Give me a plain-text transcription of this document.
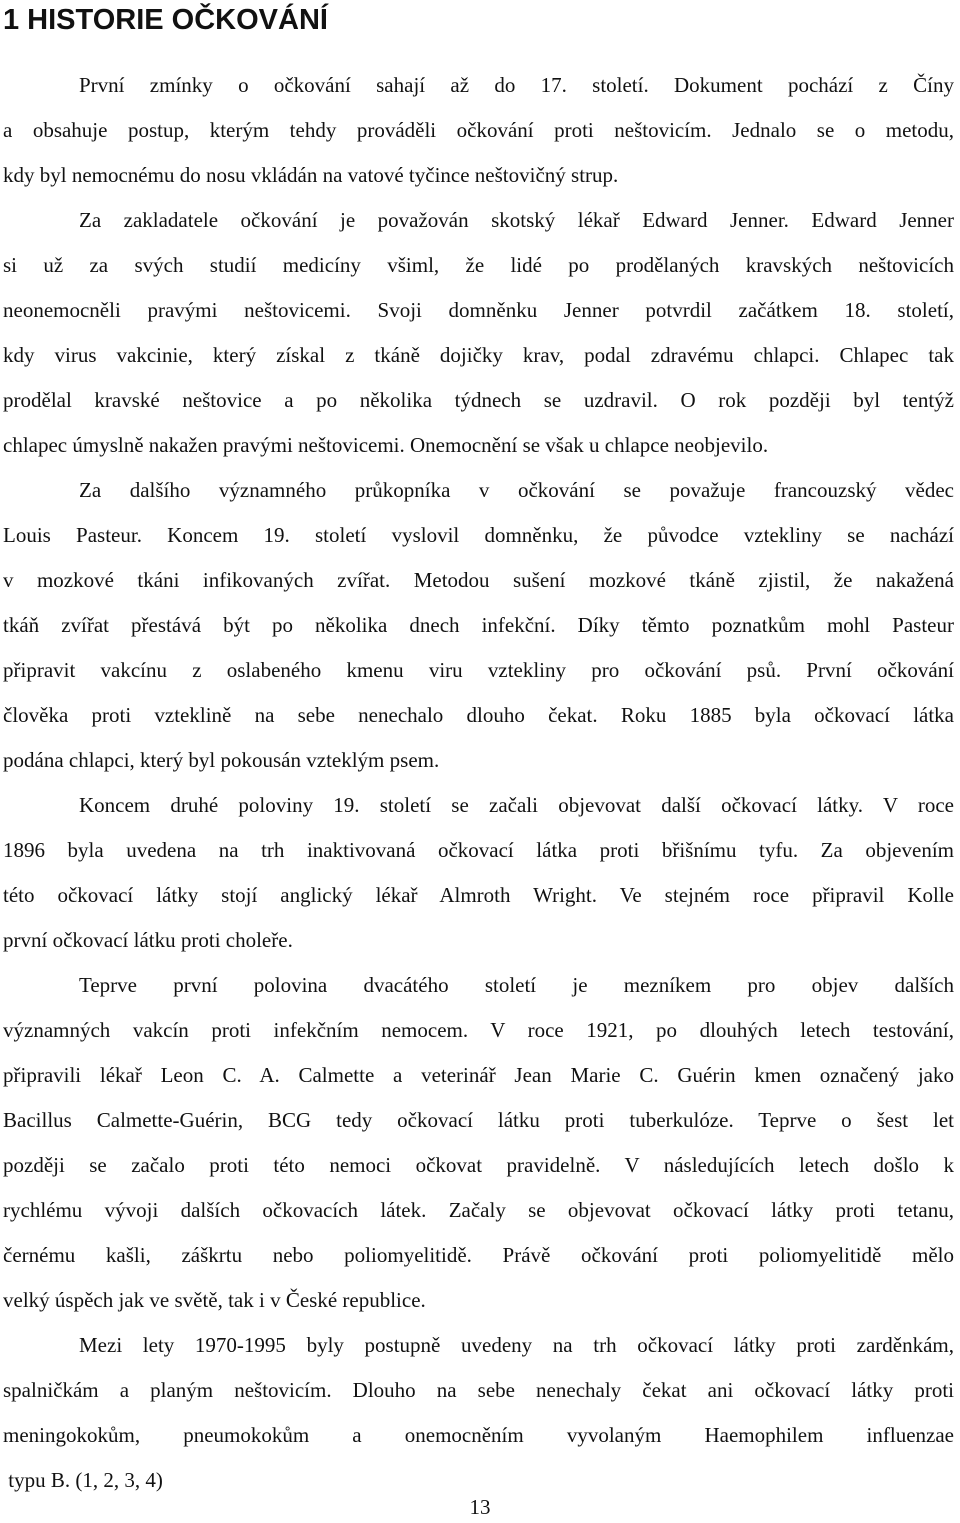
1 HISTORIE OČKOVÁNÍ
První zmínky o očkování sahají až do 17. století. Dokument pochází z Číny
a obsahuje postup, kterým tehdy prováděli očkování proti neštovicím. Jednalo se o metodu,
kdy byl nemocnému do nosu vkládán na vatové tyčince neštovičný strup.
Za zakladatele očkování je považován skotský lékař Edward Jenner. Edward Jenner
si už za svých studií medicíny všiml, že lidé po prodělaných kravských neštovicích
neonemocněli pravými neštovicemi. Svoji domněnku Jenner potvrdil začátkem 18. století,
kdy virus vakcinie, který získal z tkáně dojičky krav, podal zdravému chlapci. Chlapec tak
prodělal kravské neštovice a po několika týdnech se uzdravil. O rok později byl tentýž
chlapec úmyslně nakažen pravými neštovicemi. Onemocnění se však u chlapce neobjevilo.
Za dalšího významného průkopníka v očkování se považuje francouzský vědec
Louis Pasteur. Koncem 19. století vyslovil domněnku, že původce vztekliny se nachází
v mozkové tkáni infikovaných zvířat. Metodou sušení mozkové tkáně zjistil, že nakažená
tkáň zvířat přestává být po několika dnech infekční. Díky těmto poznatkům mohl Pasteur
připravit vakcínu z oslabeného kmenu viru vztekliny pro očkování psů. První očkování
člověka proti vzteklině na sebe nenechalo dlouho čekat. Roku 1885 byla očkovací látka
podána chlapci, který byl pokousán vzteklým psem.
Koncem druhé poloviny 19. století se začali objevovat další očkovací látky. V roce
1896 byla uvedena na trh inaktivovaná očkovací látka proti břišnímu tyfu. Za objevením
této očkovací látky stojí anglický lékař Almroth Wright. Ve stejném roce připravil Kolle
první očkovací látku proti choleře.
Teprve první polovina dvacátého století je mezníkem pro objev dalších
významných vakcín proti infekčním nemocem. V roce 1921, po dlouhých letech testování,
připravili lékař Leon C. A. Calmette a veterinář Jean Marie C. Guérin kmen označený jako
Bacillus Calmette-Guérin, BCG tedy očkovací látku proti tuberkulóze. Teprve o šest let
později se začalo proti této nemoci očkovat pravidelně. V následujících letech došlo k
rychlému vývoji dalších očkovacích látek. Začaly se objevovat očkovací látky proti tetanu,
černému kašli, záškrtu nebo poliomyelitidě. Právě očkování proti poliomyelitidě mělo
velký úspěch jak ve světě, tak i v České republice.
Mezi lety 1970-1995 byly postupně uvedeny na trh očkovací látky proti zarděnkám,
spalničkám a planým neštovicím. Dlouho na sebe nenechaly čekat ani očkovací látky proti
meningokokům, pneumokokům a onemocněním vyvolaným Haemophilem influenzae
typu B. (1, 2, 3, 4)
13
